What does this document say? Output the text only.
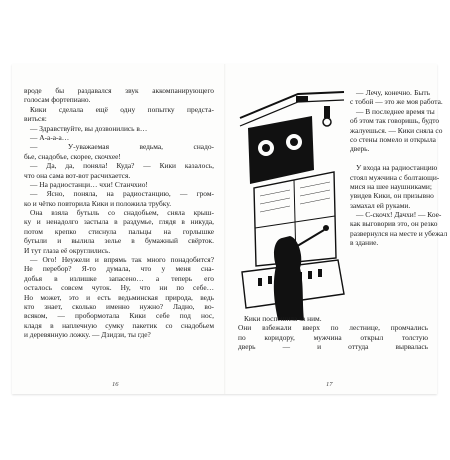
вроде бы раздавался звук аккомпанирующего
голосам фортепиано.
Кики сделала ещё одну попытку предста-
виться:
— Здравствуйте, вы дозвонились в…
— А-а-а-а…
— У-уважаемая ведьма, снадо-
бье, снадобъе, скорее, скочхее!
— Да, да, поняла! Куда? — Кики казалось,
что она сама вот-вот расчихается.
— На радиостанци… чхи! Станчхио!
— Ясно, поняла, на радиостанцию, — гром-
ко и чётко повторила Кики и положила трубку.
Она взяла бутыль со снадобьем, сняла крыш-
ку и ненадолго застыла в раздумье, глядя в никуда,
потом крепко стиснула пальцы на горлышке
бутыли и вылила зелье в бумажный свёрток.
И тут глаза её округлились.
— Ого! Неужели и впрямь так много понадобится?
Не перебор? Я-то думала, что у меня сна-
добья в излишке запасено… а теперь его
осталось совсем чуток. Ну, что ни по себе…
Но может, это и есть ведьминская природа, ведь
кто знает, сколько именно нужно? Ладно, во-
всяком, — пробормотала Кики себе под нос,
кладя в наплечную сумку пакетик со снадобьем
и деревянную ложку. — Дзидзи, ты где?
16
— Лечу, конечно. Быть
с тобой — это же моя работа.
— В последнее время ты
об этом так говоришь, будто
жалуешься. — Кики сняла со
со стены помело и открыла
дверь.
У входа на радиостанцию
стоял мужчина с болтающи-
мися на шее наушниками;
увидев Кики, он призывно
замахал ей руками.
— С-скочх! Дачхи! — Кое-
как выговорив это, он резко
развернулся на месте и убежал
в здание.
Кики поспешила за ним.
Они взбежали вверх по лестнице, промчались
по коридору, мужчина открыл толстую
дверь — и оттуда вырвалась
17
